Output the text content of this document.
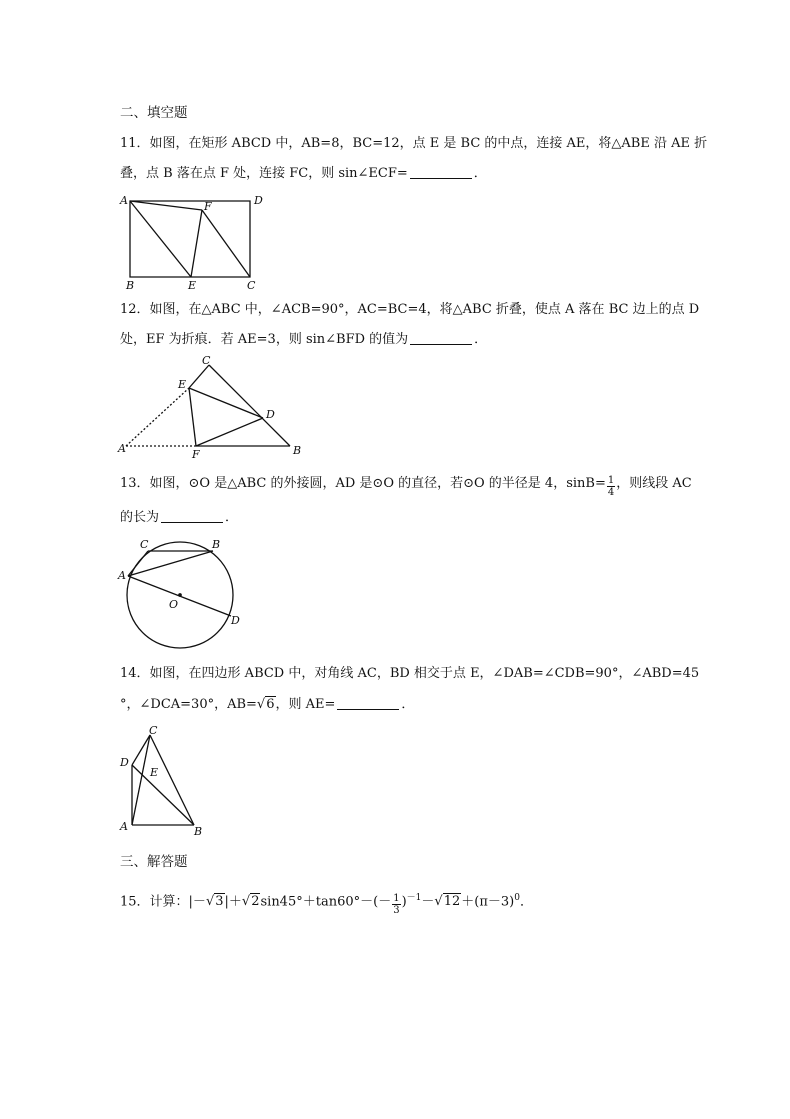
二、填空题
11．如图，在矩形 ABCD 中，AB=8，BC=12，点 E 是 BC 的中点，连接 AE，将△ABE 沿 AE 折
叠，点 B 落在点 F 处，连接 FC，则 sin∠ECF=	．
A	D
B	E	C
F
12．如图，在△ABC 中，∠ACB=90°，AC=BC=4，将△ABC 折叠，使点 A 落在 BC 边上的点 D
处，EF 为折痕．若 AE=3，则 sin∠BFD 的值为	．
C
E
D
A	F	B
13．如图，⊙O 是△ABC 的外接圆，AD 是⊙O 的直径，若⊙O 的半径是 4，$\sin B= \frac{1}{4}$ ，则线段 AC
的长为	．
C	B
A
O
D
14．如图，在四边形 ABCD 中，对角线 AC，BD 相交于点 E，∠DAB=∠CDB=90°，∠ABD=45
°，∠DCA=30°，AB=√6，则 AE=	．
C
D
E
A	B
三、解答题
15．计算：$|-√3|+√2\sin 45^\circ+\tan 60^\circ-(- \frac{1}{3} )^{-1}-√12+(\pi-3)^0$．
